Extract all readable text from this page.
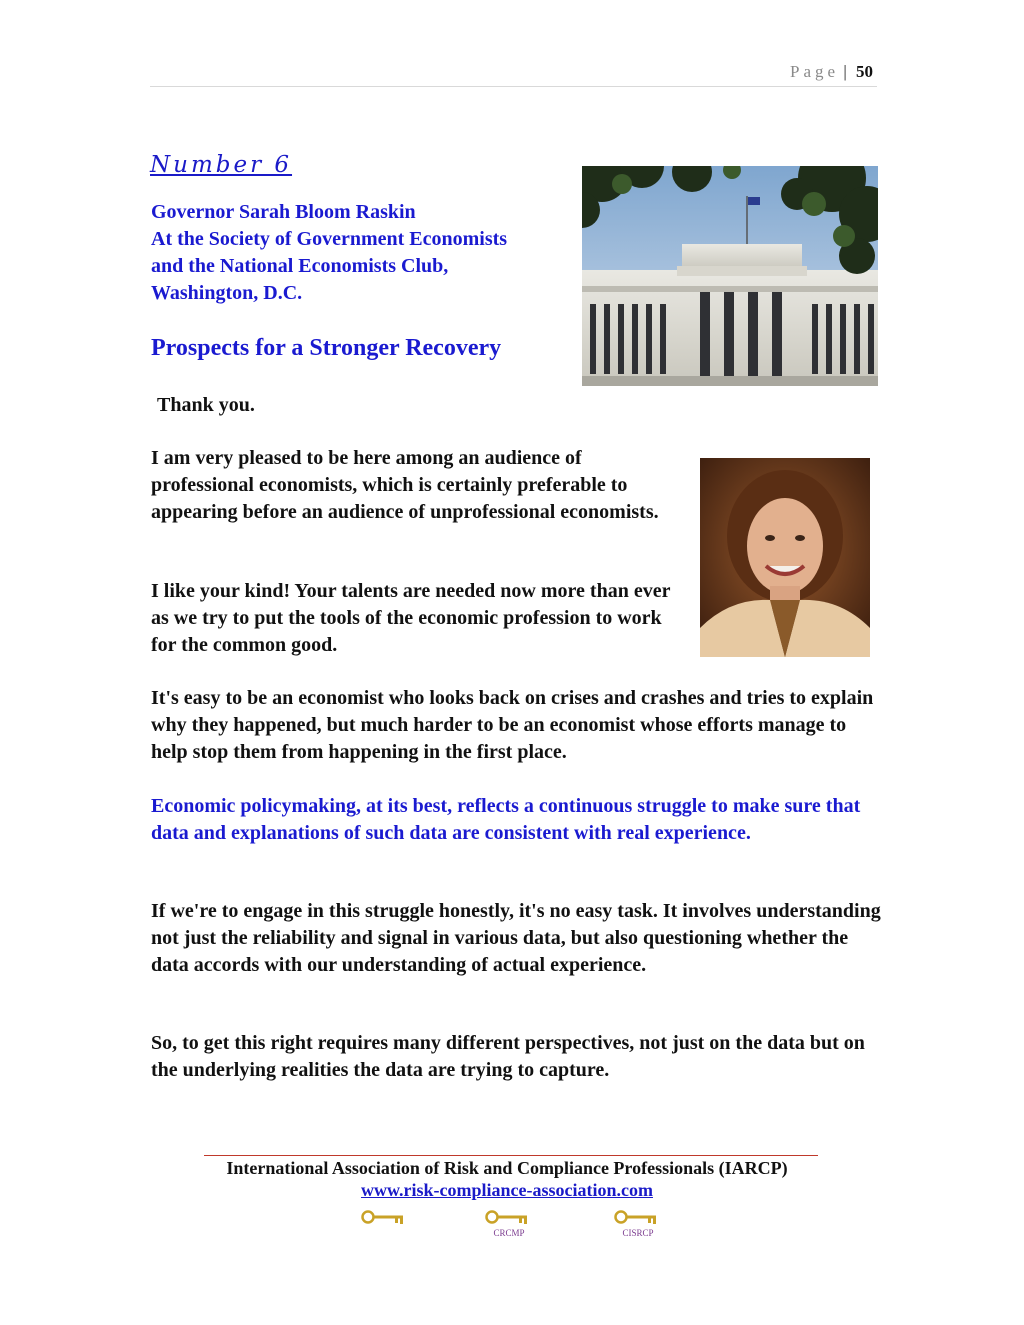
Page | 50
Number 6
Governor Sarah Bloom Raskin
At the Society of Government Economists
and the National Economists Club,
Washington, D.C.
Prospects for a Stronger Recovery
Thank you.
I am very pleased to be here among an audience of professional economists, which is certainly preferable to appearing before an audience of unprofessional economists.
I like your kind! Your talents are needed now more than ever as we try to put the tools of the economic profession to work for the common good.
It's easy to be an economist who looks back on crises and crashes and tries to explain why they happened, but much harder to be an economist whose efforts manage to help stop them from happening in the first place.
Economic policymaking, at its best, reflects a continuous struggle to make sure that data and explanations of such data are consistent with real experience.
If we're to engage in this struggle honestly, it's no easy task. It involves understanding not just the reliability and signal in various data, but also questioning whether the data accords with our understanding of actual experience.
So, to get this right requires many different perspectives, not just on the data but on the underlying realities the data are trying to capture.
International Association of Risk and Compliance Professionals (IARCP)
www.risk-compliance-association.com
CRCMP	CISRCP
